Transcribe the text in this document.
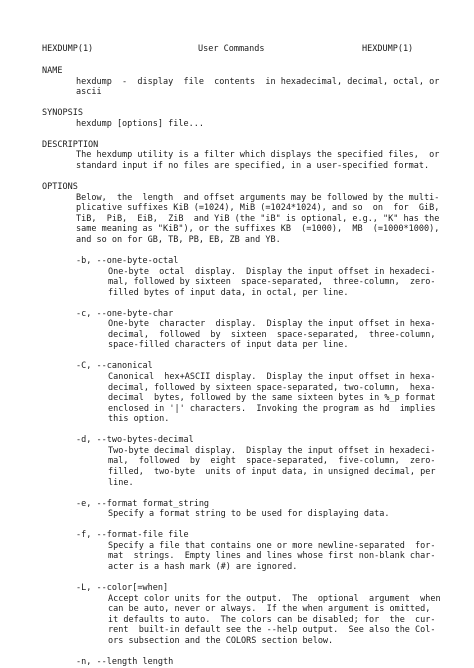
HEXDUMP(1)	User Commands	HEXDUMP(1)
NAME
hexdump  -  display  file  contents  in hexadecimal, decimal, octal, or
ascii
SYNOPSIS
hexdump [options] file...
DESCRIPTION
The hexdump utility is a filter which displays the specified files,  or
standard input if no files are specified, in a user-specified format.
OPTIONS
Below,  the  length  and offset arguments may be followed by the multi-
plicative suffixes KiB (=1024), MiB (=1024*1024), and so  on  for  GiB,
TiB,  PiB,  EiB,  ZiB  and YiB (the "iB" is optional, e.g., "K" has the
same meaning as "KiB"), or the suffixes KB  (=1000),  MB  (=1000*1000),
and so on for GB, TB, PB, EB, ZB and YB.
-b, --one-byte-octal
One-byte  octal  display.  Display the input offset in hexadeci-
mal, followed by sixteen  space-separated,  three-column,  zero-
filled bytes of input data, in octal, per line.
-c, --one-byte-char
One-byte  character  display.  Display the input offset in hexa-
decimal,  followed  by  sixteen  space-separated,  three-column,
space-filled characters of input data per line.
-C, --canonical
Canonical  hex+ASCII display.  Display the input offset in hexa-
decimal, followed by sixteen space-separated, two-column,  hexa-
decimal  bytes, followed by the same sixteen bytes in %_p format
enclosed in '|' characters.  Invoking the program as hd  implies
this option.
-d, --two-bytes-decimal
Two-byte decimal display.  Display the input offset in hexadeci-
mal,  followed  by  eight  space-separated,  five-column,  zero-
filled,  two-byte  units of input data, in unsigned decimal, per
line.
-e, --format format_string
Specify a format string to be used for displaying data.
-f, --format-file file
Specify a file that contains one or more newline-separated  for-
mat  strings.  Empty lines and lines whose first non-blank char-
acter is a hash mark (#) are ignored.
-L, --color[=when]
Accept color units for the output.  The  optional  argument  when
can be auto, never or always.  If the when argument is omitted,
it defaults to auto.  The colors can be disabled; for  the  cur-
rent  built-in default see the --help output.  See also the Col-
ors subsection and the COLORS section below.
-n, --length length
